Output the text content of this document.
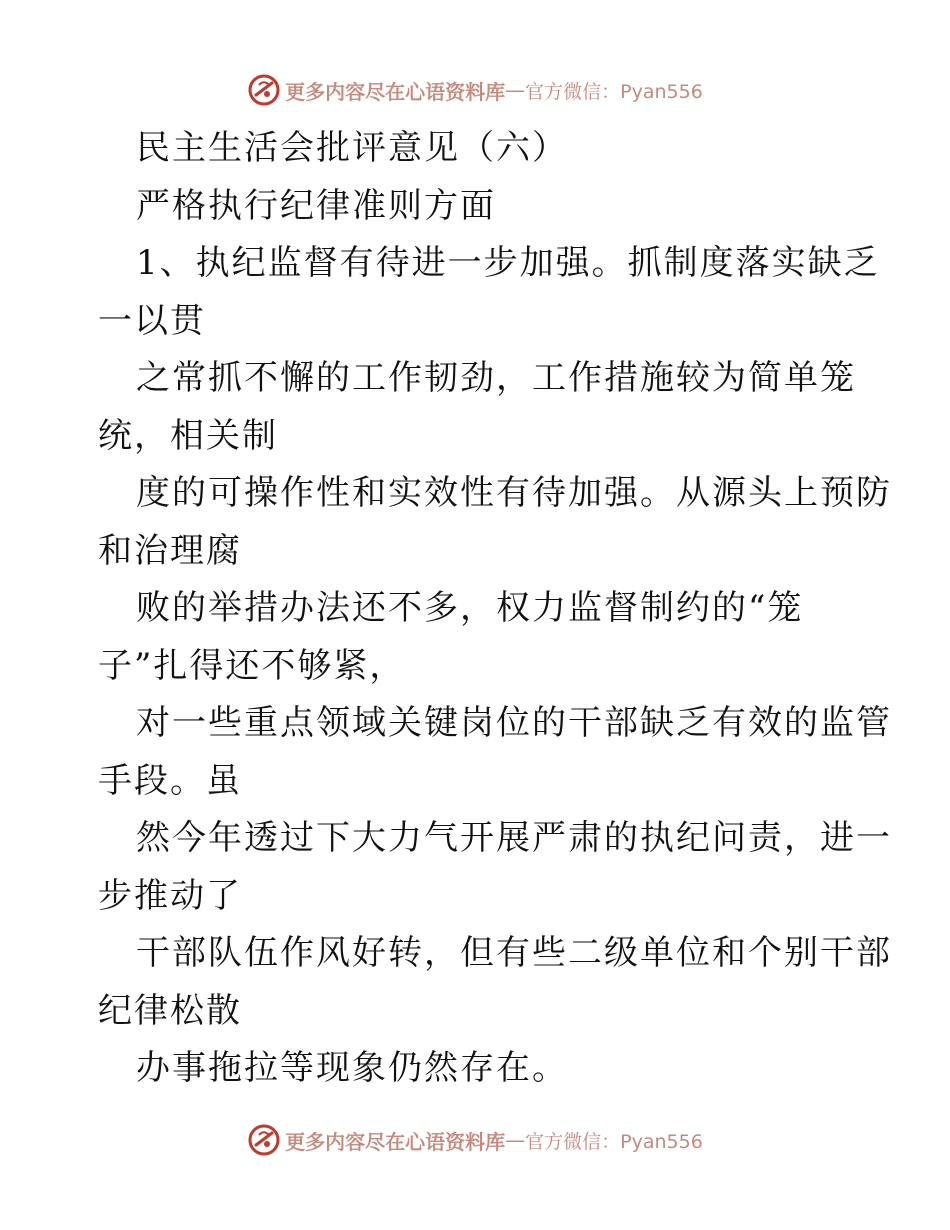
更多内容尽在心语资料库 — 官方微信：Pyan556
民主生活会批评意见（六）
严格执行纪律准则方面
1、执纪监督有待进一步加强。抓制度落实缺乏
一以贯
之常抓不懈的工作韧劲，工作措施较为简单笼
统，相关制
度的可操作性和实效性有待加强。从源头上预防
和治理腐
败的举措办法还不多，权力监督制约的“笼
子”扎得还不够紧，
对一些重点领域关键岗位的干部缺乏有效的监管
手段。虽
然今年透过下大力气开展严肃的执纪问责，进一
步推动了
干部队伍作风好转，但有些二级单位和个别干部
纪律松散
办事拖拉等现象仍然存在。
更多内容尽在心语资料库 — 官方微信：Pyan556
